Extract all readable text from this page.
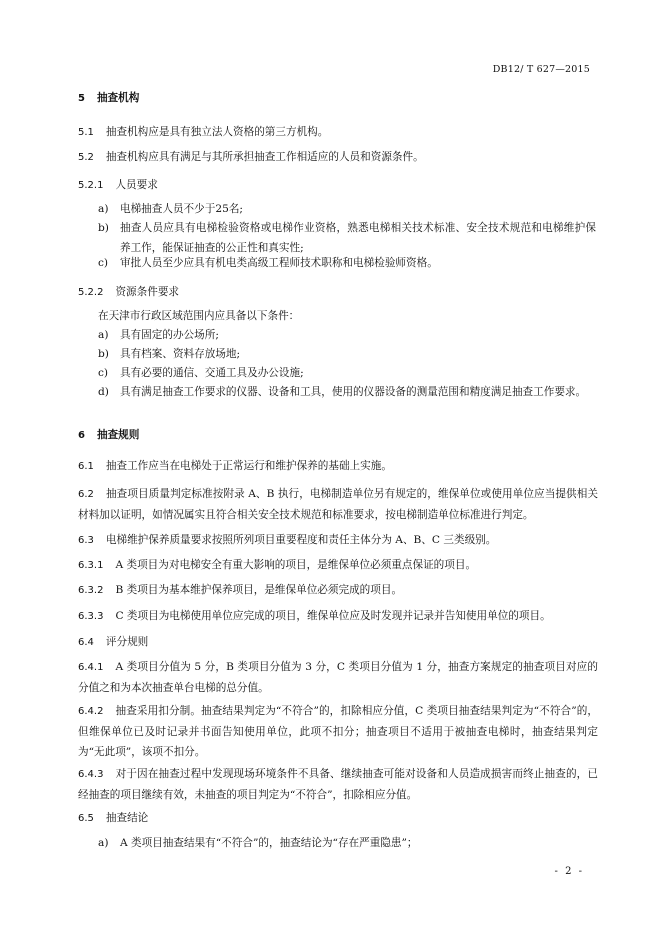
DB12/ T 627—2015
5 抽查机构
5.1 抽查机构应是具有独立法人资格的第三方机构。
5.2 抽查机构应具有满足与其所承担抽查工作相适应的人员和资源条件。
5.2.1 人员要求
a) 电梯抽查人员不少于25名;
b) 抽查人员应具有电梯检验资格或电梯作业资格，熟悉电梯相关技术标准、安全技术规范和电梯维护保养工作，能保证抽查的公正性和真实性;
c) 审批人员至少应具有机电类高级工程师技术职称和电梯检验师资格。
5.2.2 资源条件要求
在天津市行政区域范围内应具备以下条件：
a) 具有固定的办公场所;
b) 具有档案、资料存放场地;
c) 具有必要的通信、交通工具及办公设施;
d) 具有满足抽查工作要求的仪器、设备和工具，使用的仪器设备的测量范围和精度满足抽查工作要求。
6 抽查规则
6.1 抽查工作应当在电梯处于正常运行和维护保养的基础上实施。
6.2 抽查项目质量判定标准按附录 A、B 执行，电梯制造单位另有规定的，维保单位或使用单位应当提供相关材料加以证明，如情况属实且符合相关安全技术规范和标准要求，按电梯制造单位标准进行判定。
6.3 电梯维护保养质量要求按照所列项目重要程度和责任主体分为 A、B、C 三类级别。
6.3.1 A 类项目为对电梯安全有重大影响的项目，是维保单位必须重点保证的项目。
6.3.2 B 类项目为基本维护保养项目，是维保单位必须完成的项目。
6.3.3 C 类项目为电梯使用单位应完成的项目，维保单位应及时发现并记录并告知使用单位的项目。
6.4 评分规则
6.4.1 A 类项目分值为 5 分，B 类项目分值为 3 分，C 类项目分值为 1 分，抽查方案规定的抽查项目对应的分值之和为本次抽查单台电梯的总分值。
6.4.2 抽查采用扣分制。抽查结果判定为“不符合”的，扣除相应分值，C 类项目抽查结果判定为“不符合”的，但维保单位已及时记录并书面告知使用单位，此项不扣分；抽查项目不适用于被抽查电梯时，抽查结果判定为“无此项”，该项不扣分。
6.4.3 对于因在抽查过程中发现现场环境条件不具备、继续抽查可能对设备和人员造成损害而终止抽查的，已经抽查的项目继续有效，未抽查的项目判定为“不符合”，扣除相应分值。
6.5 抽查结论
a) A 类项目抽查结果有“不符合”的，抽查结论为“存在严重隐患”；
- 2 -
